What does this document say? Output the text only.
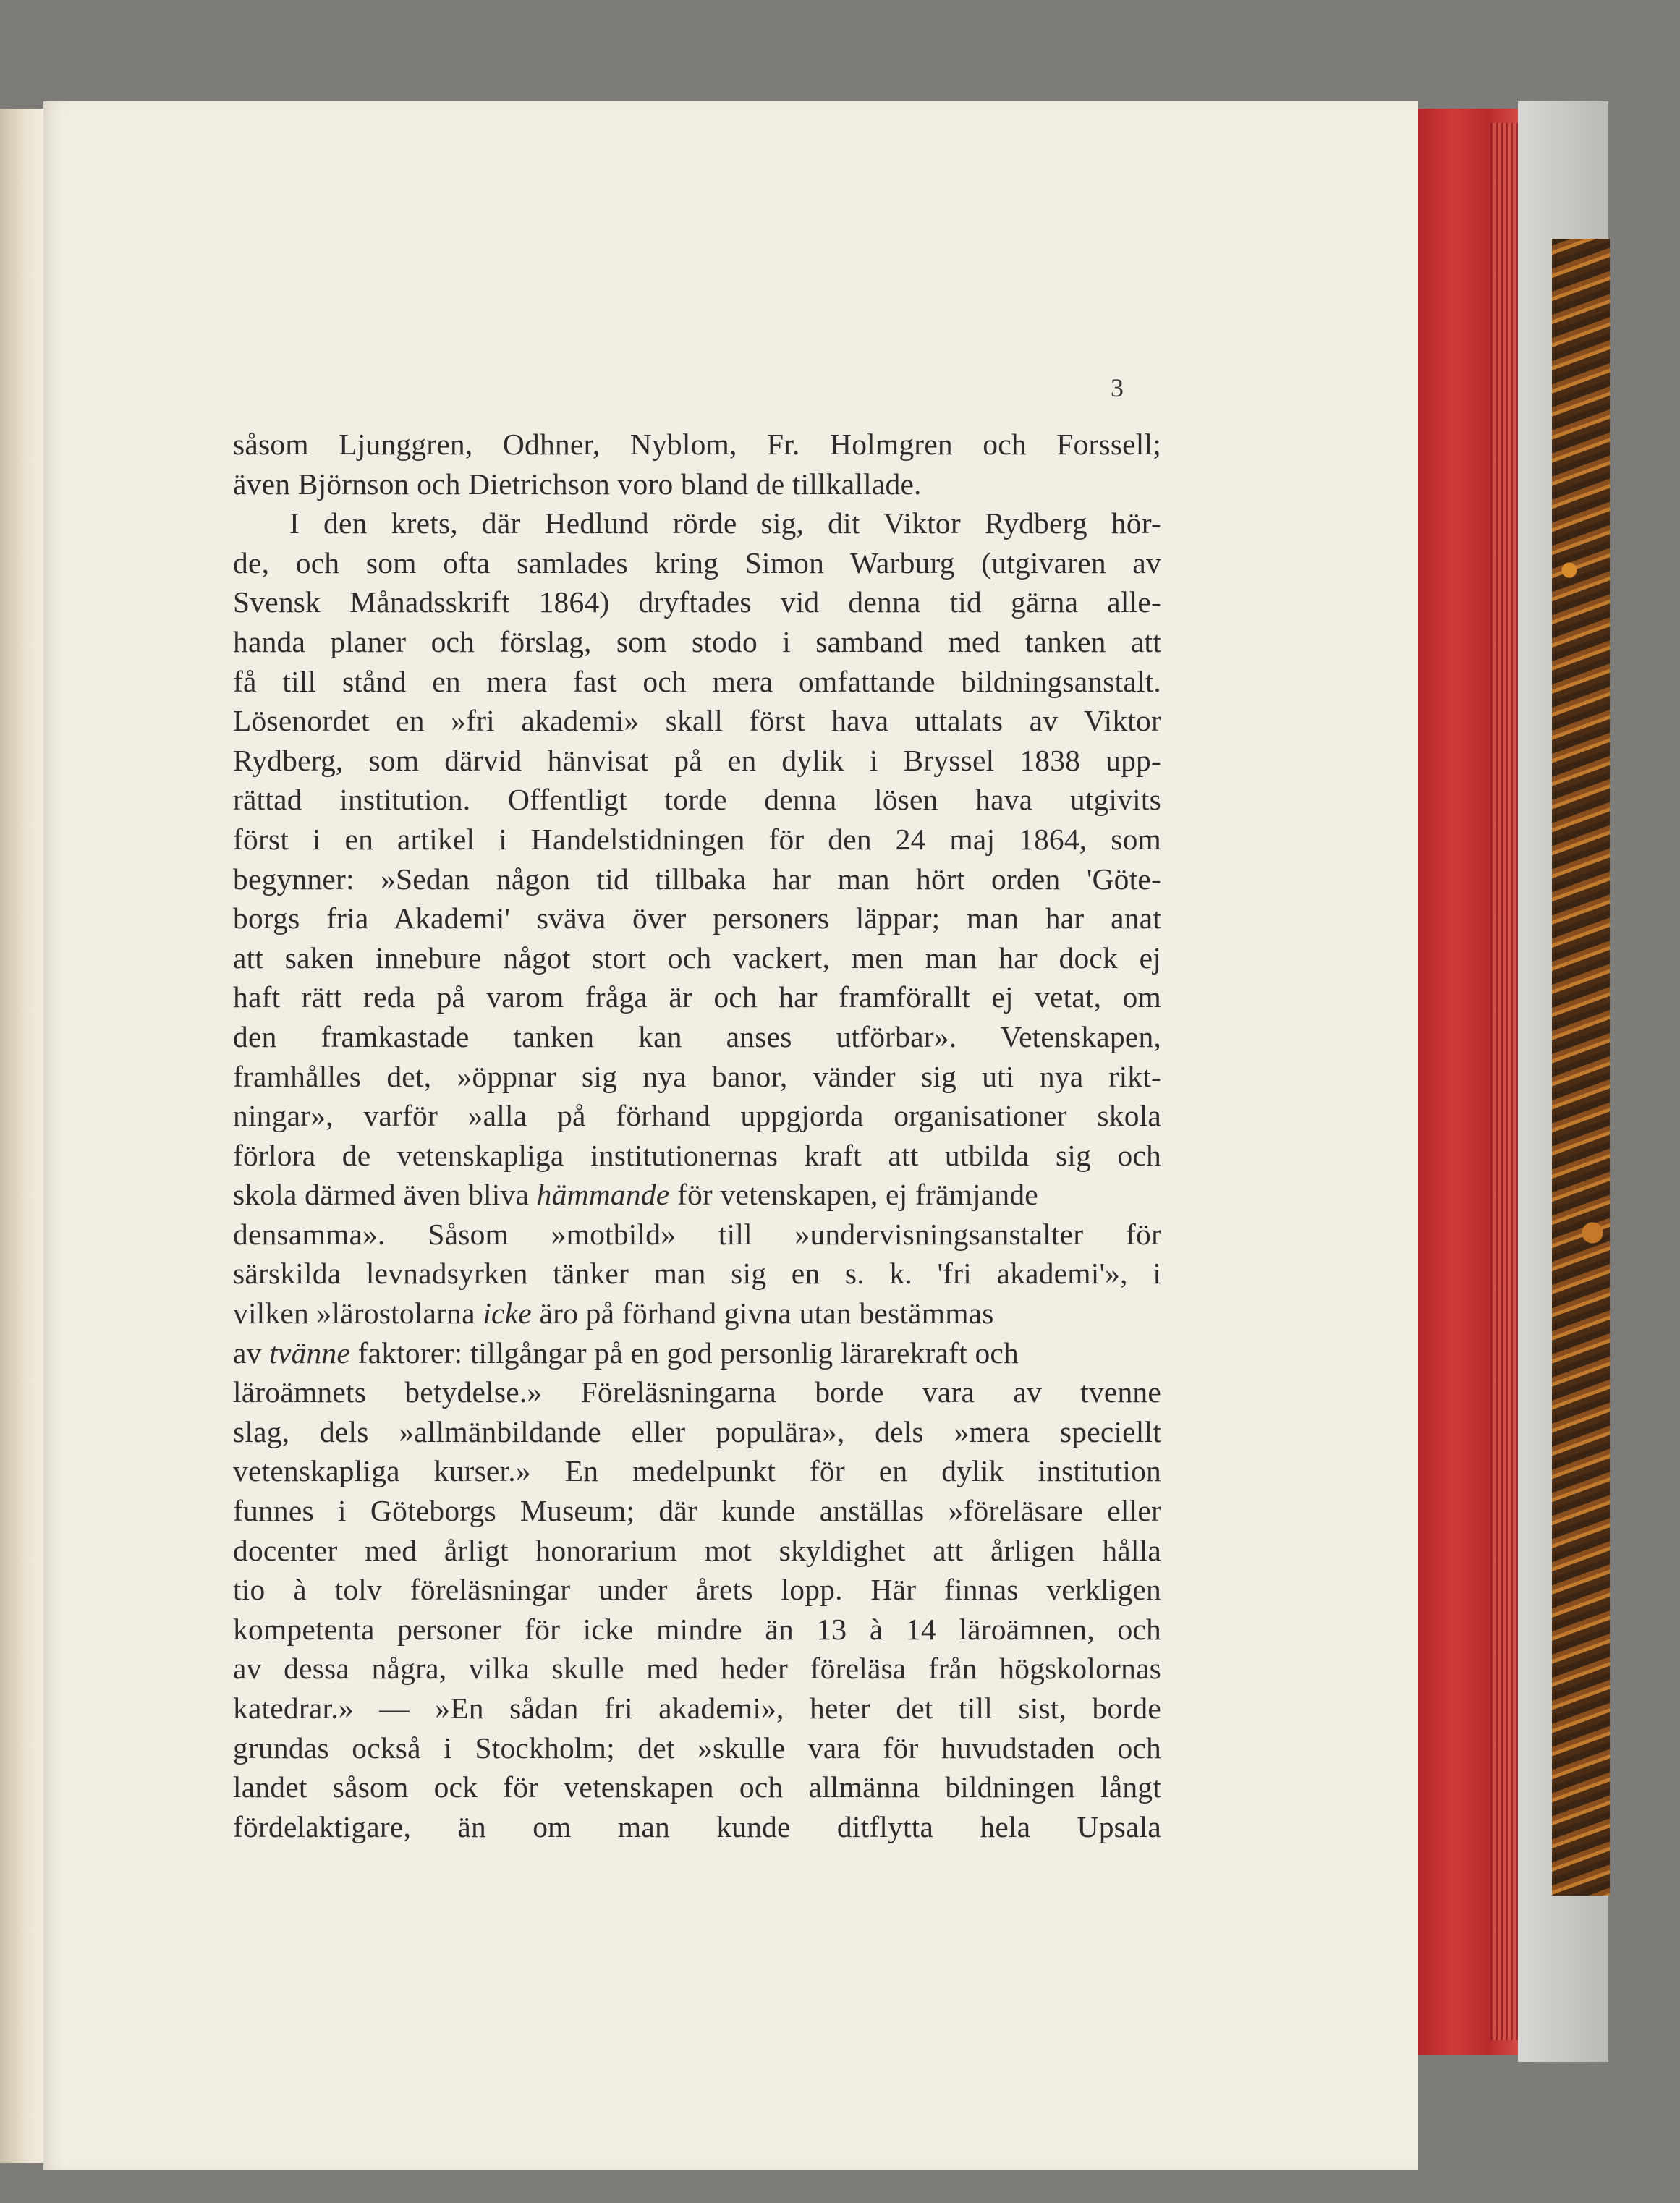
3
såsom Ljunggren, Odhner, Nyblom, Fr. Holmgren och Forssell;
även Björnson och Dietrichson voro bland de tillkallade.
I den krets, där Hedlund rörde sig, dit Viktor Rydberg hör-
de, och som ofta samlades kring Simon Warburg (utgivaren av
Svensk Månadsskrift 1864) dryftades vid denna tid gärna alle-
handa planer och förslag, som stodo i samband med tanken att
få till stånd en mera fast och mera omfattande bildningsanstalt.
Lösenordet en »fri akademi» skall först hava uttalats av Viktor
Rydberg, som därvid hänvisat på en dylik i Bryssel 1838 upp-
rättad institution. Offentligt torde denna lösen hava utgivits
först i en artikel i Handelstidningen för den 24 maj 1864, som
begynner: »Sedan någon tid tillbaka har man hört orden 'Göte-
borgs fria Akademi' sväva över personers läppar; man har anat
att saken innebure något stort och vackert, men man har dock ej
haft rätt reda på varom fråga är och har framförallt ej vetat, om
den framkastade tanken kan anses utförbar». Vetenskapen,
framhålles det, »öppnar sig nya banor, vänder sig uti nya rikt-
ningar», varför »alla på förhand uppgjorda organisationer skola
förlora de vetenskapliga institutionernas kraft att utbilda sig och
skola därmed även bliva hämmande för vetenskapen, ej främjande
densamma». Såsom »motbild» till »undervisningsanstalter för
särskilda levnadsyrken tänker man sig en s. k. 'fri akademi'», i
vilken »lärostolarna icke äro på förhand givna utan bestämmas
av tvänne faktorer: tillgångar på en god personlig lärarekraft och
läroämnets betydelse.» Föreläsningarna borde vara av tvenne
slag, dels »allmänbildande eller populära», dels »mera speciellt
vetenskapliga kurser.» En medelpunkt för en dylik institution
funnes i Göteborgs Museum; där kunde anställas »föreläsare eller
docenter med årligt honorarium mot skyldighet att årligen hålla
tio à tolv föreläsningar under årets lopp. Här finnas verkligen
kompetenta personer för icke mindre än 13 à 14 läroämnen, och
av dessa några, vilka skulle med heder föreläsa från högskolornas
katedrar.» — »En sådan fri akademi», heter det till sist, borde
grundas också i Stockholm; det »skulle vara för huvudstaden och
landet såsom ock för vetenskapen och allmänna bildningen långt
fördelaktigare, än om man kunde ditflytta hela Upsala
